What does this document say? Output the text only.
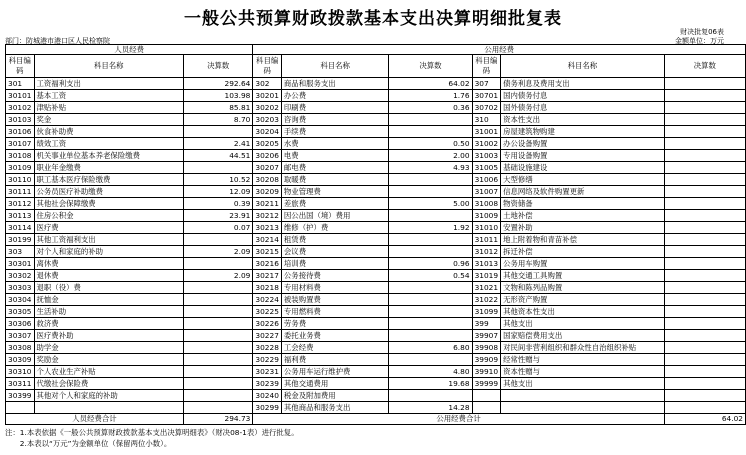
一般公共预算财政拨款基本支出决算明细批复表
财决批复06表
金额单位：万元
部门：防城港市港口区人民检察院
人员经费			公用经费					
科目编码	科目名称	决算数	科目编码	科目名称	决算数	科目编码	科目名称	决算数
301	工资福利支出	292.64	302	商品和服务支出	64.02	307	债务利息及费用支出	
30101	基本工资	103.98	30201	办公费	1.76	30701	国内债务付息	
30102	津贴补贴	85.81	30202	印刷费	0.36	30702	国外债务付息	
30103	奖金	8.70	30203	咨询费		310	资本性支出	
30106	伙食补助费		30204	手续费		31001	房屋建筑物购建	
30107	绩效工资	2.41	30205	水费	0.50	31002	办公设备购置	
30108	机关事业单位基本养老保险缴费	44.51	30206	电费	2.00	31003	专用设备购置	
30109	职业年金缴费		30207	邮电费	4.93	31005	基础设施建设	
30110	职工基本医疗保险缴费	10.52	30208	取暖费		31006	大型修缮	
30111	公务员医疗补助缴费	12.09	30209	物业管理费		31007	信息网络及软件购置更新	
30112	其他社会保障缴费	0.39	30211	差旅费	5.00	31008	物资储备	
30113	住房公积金	23.91	30212	因公出国（境）费用		31009	土地补偿	
30114	医疗费	0.07	30213	维修（护）费	1.92	31010	安置补助	
30199	其他工资福利支出		30214	租赁费		31011	地上附着物和青苗补偿	
303	对个人和家庭的补助	2.09	30215	会议费		31012	拆迁补偿	
30301	离休费		30216	培训费	0.96	31013	公务用车购置	
30302	退休费	2.09	30217	公务接待费	0.54	31019	其他交通工具购置	
30303	退职（役）费		30218	专用材料费		31021	文物和陈列品购置	
30304	抚恤金		30224	被装购置费		31022	无形资产购置	
30305	生活补助		30225	专用燃料费		31099	其他资本性支出	
30306	救济费		30226	劳务费		399	其他支出	
30307	医疗费补助		30227	委托业务费		39907	国家赔偿费用支出	
30308	助学金		30228	工会经费	6.80	39908	对民间非营利组织和群众性自治组织补贴	
30309	奖励金		30229	福利费		39909	经常性赠与	
30310	个人农业生产补贴		30231	公务用车运行维护费	4.80	39910	资本性赠与	
30311	代缴社会保险费		30239	其他交通费用	19.68	39999	其他支出	
30399	其他对个人和家庭的补助		30240	税金及附加费用				
			30299	其他商品和服务支出	14.28			
人员经费合计		294.73	公用经费合计					64.02
注：1.本表依据《一般公共预算财政拨款基本支出决算明细表》（财决08-1表）进行批复。
　　2.本表以“万元”为金额单位（保留两位小数）。
